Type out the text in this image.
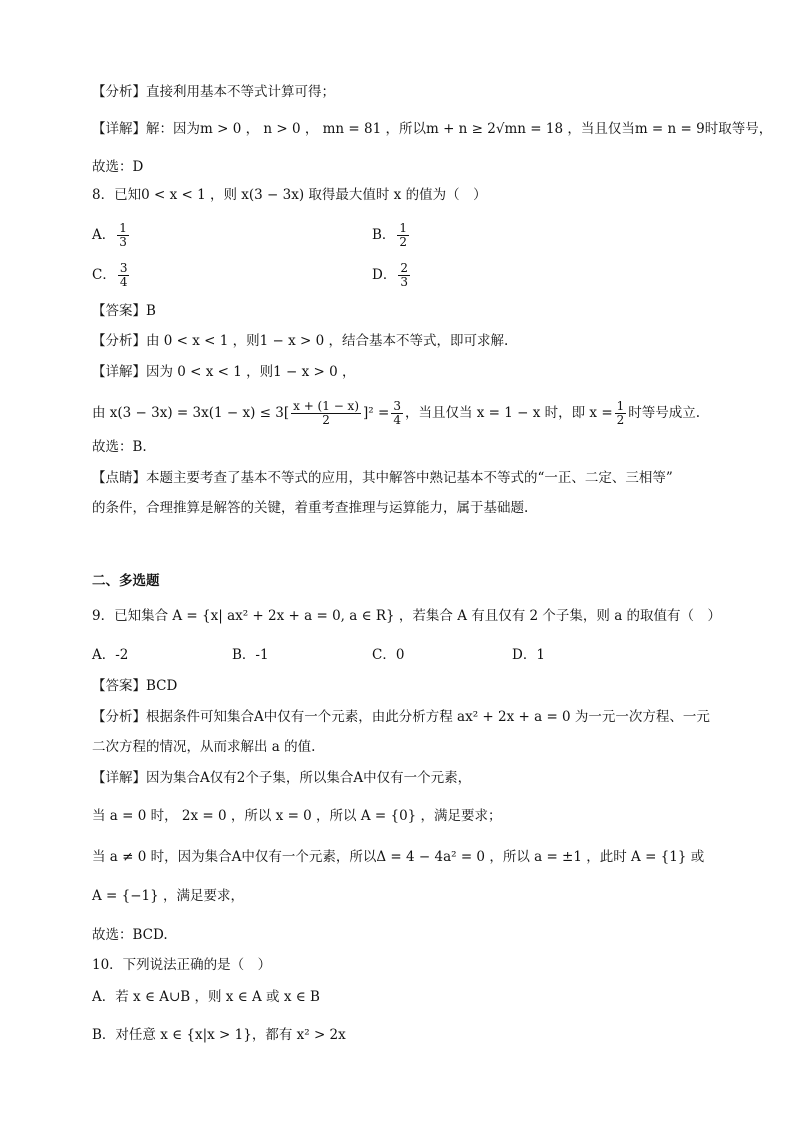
【分析】直接利用基本不等式计算可得；
【详解】解：因为m > 0 ， n > 0 ， mn = 81 ，所以m + n ≥ 2√mn = 18 ，当且仅当m = n = 9时取等号，
故选：D
8．已知0 < x < 1 ，则 x(3 − 3x) 取得最大值时 x 的值为（　）
A． $\frac{1}{3}$	B． $\frac{1}{2}$
C． $\frac{3}{4}$	D． $\frac{2}{3}$
【答案】B
【分析】由 0 < x < 1 ，则1 − x > 0 ，结合基本不等式，即可求解.
【详解】因为 0 < x < 1 ，则1 − x > 0 ，
由 $x(3 - 3x) = 3x(1 - x) \le 3[ \frac{x + (1 - x)}{2} ]^2 = \frac{3}{4}$ ，当且仅当 x = 1 − x 时，即 $x = \frac{1}{2}$ 时等号成立.
故选：B.
【点睛】本题主要考查了基本不等式的应用，其中解答中熟记基本不等式的“一正、二定、三相等”
的条件，合理推算是解答的关键，着重考查推理与运算能力，属于基础题.
二、多选题
9．已知集合 A = {x| ax² + 2x + a = 0, a ∈ R} ，若集合 A 有且仅有 2 个子集，则 a 的取值有（　）
A．-2	B．-1	C．0	D．1
【答案】BCD
【分析】根据条件可知集合A中仅有一个元素，由此分析方程 ax² + 2x + a = 0 为一元一次方程、一元
二次方程的情况，从而求解出 a 的值.
【详解】因为集合A仅有2个子集，所以集合A中仅有一个元素，
当 a = 0 时， 2x = 0 ，所以 x = 0 ，所以 A = {0} ，满足要求；
当 a ≠ 0 时，因为集合A中仅有一个元素，所以Δ = 4 − 4a² = 0 ，所以 a = ±1 ，此时 A = {1} 或
A = {−1} ，满足要求，
故选：BCD.
10．下列说法正确的是（　）
A．若 x ∈ A∪B ，则 x ∈ A 或 x ∈ B
B．对任意 x ∈ {x|x > 1}，都有 x² > 2x
